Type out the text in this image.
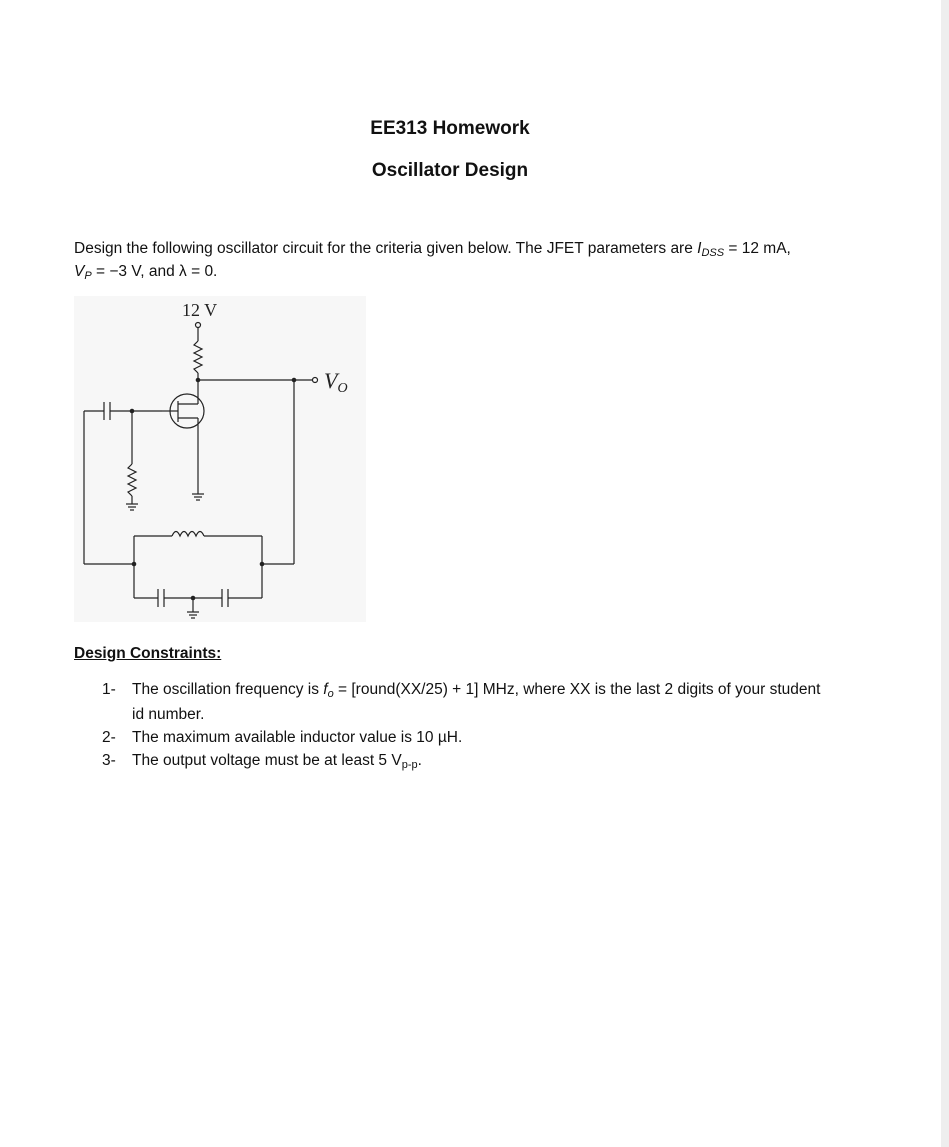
EE313 Homework
Oscillator Design
Design the following oscillator circuit for the criteria given below. The JFET parameters are IDSS = 12 mA,
VP = −3 V, and λ = 0.
12 V
VO
Design Constraints:
1- The oscillation frequency is fo = [round(XX/25) + 1] MHz, where XX is the last 2 digits of your student id number.
2- The maximum available inductor value is 10 µH.
3- The output voltage must be at least 5 Vp-p.
